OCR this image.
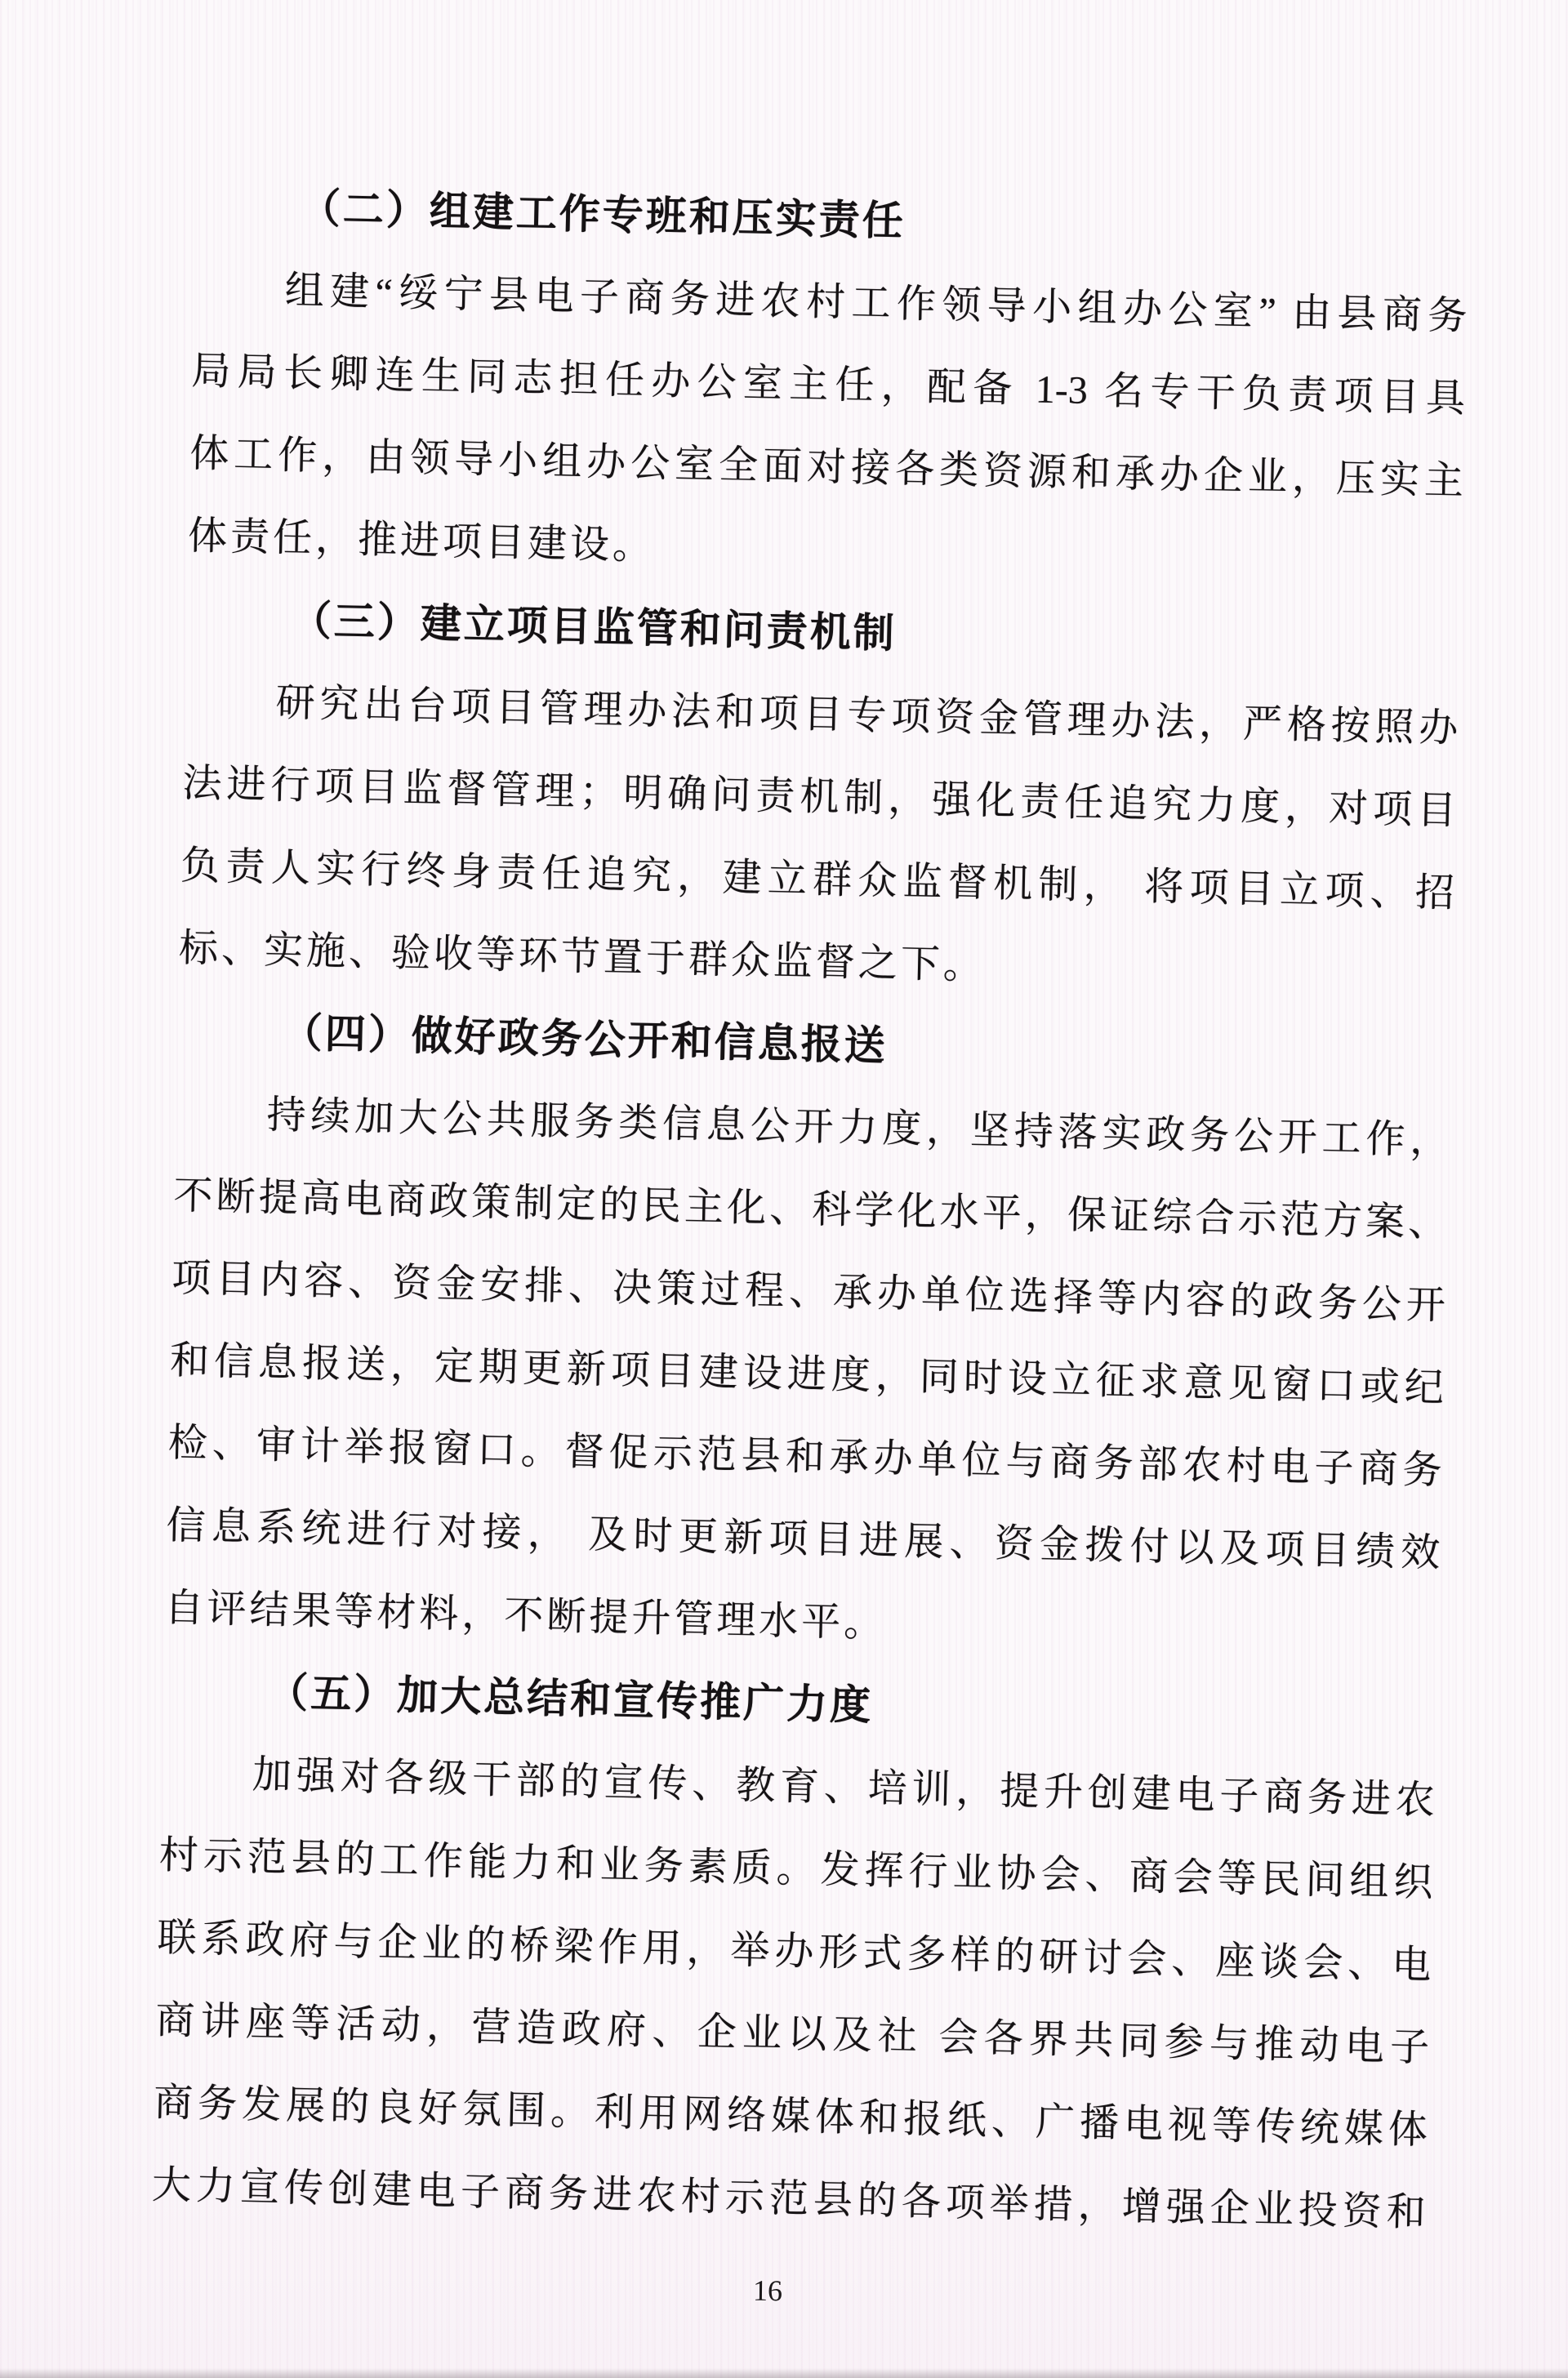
（二）组建工作专班和压实责任
组建“绥宁县电子商务进农村工作领导小组办公室” 由县商务
局局长卿连生同志担任办公室主任，配备 1-3 名专干负责项目具
体工作，由领导小组办公室全面对接各类资源和承办企业，压实主
体责任，推进项目建设。
（三）建立项目监管和问责机制
研究出台项目管理办法和项目专项资金管理办法，严格按照办
法进行项目监督管理；明确问责机制，强化责任追究力度，对项目
负责人实行终身责任追究，建立群众监督机制， 将项目立项、招
标、实施、验收等环节置于群众监督之下。
（四）做好政务公开和信息报送
持续加大公共服务类信息公开力度，坚持落实政务公开工作，
不断提高电商政策制定的民主化、科学化水平，保证综合示范方案、
项目内容、资金安排、决策过程、承办单位选择等内容的政务公开
和信息报送，定期更新项目建设进度，同时设立征求意见窗口或纪
检、审计举报窗口。督促示范县和承办单位与商务部农村电子商务
信息系统进行对接， 及时更新项目进展、资金拨付以及项目绩效
自评结果等材料，不断提升管理水平。
（五）加大总结和宣传推广力度
加强对各级干部的宣传、教育、培训，提升创建电子商务进农
村示范县的工作能力和业务素质。发挥行业协会、商会等民间组织
联系政府与企业的桥梁作用，举办形式多样的研讨会、座谈会、电
商讲座等活动，营造政府、企业以及社 会各界共同参与推动电子
商务发展的良好氛围。利用网络媒体和报纸、广播电视等传统媒体
大力宣传创建电子商务进农村示范县的各项举措，增强企业投资和
16
